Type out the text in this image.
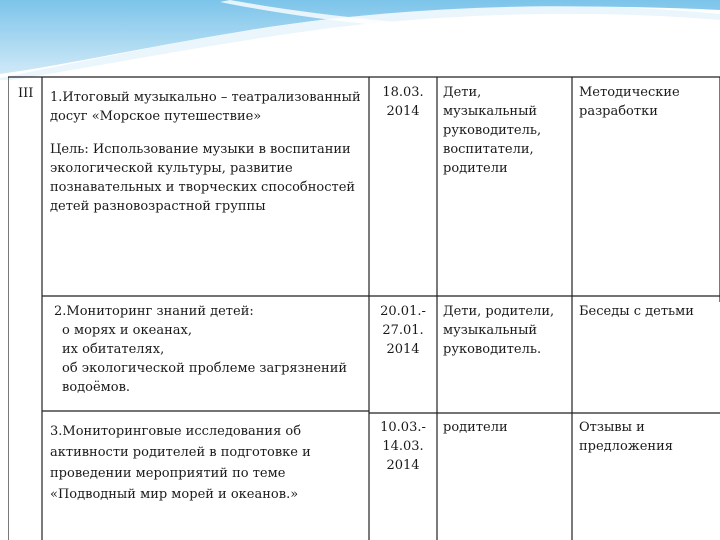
III 1.Итоговый музыкально – театрализованный
досуг «Морское путешествие»
Цель: Использование музыки в воспитании
экологической культуры, развитие
познавательных и творческих способностей
детей разновозрастной группы
18.03.
2014
Дети,
музыкальный
руководитель,
воспитатели,
родители
Методические
разработки
2.Мониторинг знаний детей:
о морях и океанах,
их обитателях,
об экологической проблеме загрязнений
водоёмов.
20.01.-
27.01.
2014
Дети, родители,
музыкальный
руководитель.
Беседы с детьми
3.Мониторинговые исследования об
активности родителей в подготовке и
проведении мероприятий по теме
«Подводный мир морей и океанов.»
10.03.-
14.03.
2014
родители	Отзывы и
предложения
